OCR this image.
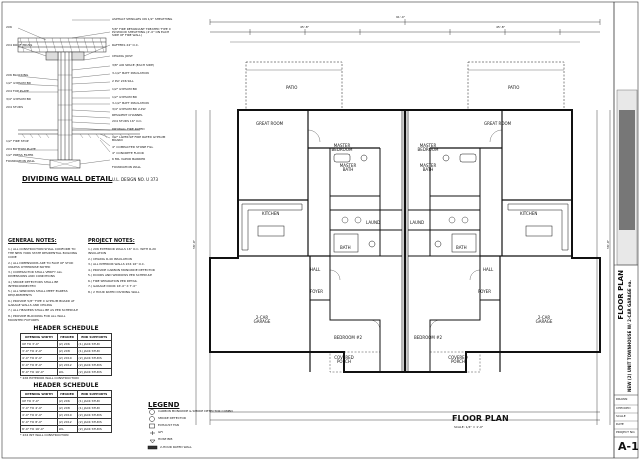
2X6
2X4 ROOF TRUSS
2X6 BLOCKING
1/2" GYPSUM BD
2X4 TOP PLATE
3/4" GYPSUM BD
2X4 STUDS
1/2" FIRE STOP
2X4 BOTTOM PLATE
1/2" PRESS FILTER
FOUNDATION WALL
ASPHALT SHINGLES ON 1/2" SHEATHING
5/8" FIRE RETARDANT TREATED TYPE X PLYWOOD SHEATHING (4'-0" ON EACH SIDE OF FIRE WALL)
RAFTERS 24" O.C.
CEILING JOIST
3/8" AIR SPACE (EACH SIDE)
3-1/2" BATT INSULATION
2 PLY 2X6 SILL
1/2" GYPSUM BD
1/2" GYPSUM BD
3-1/2" BATT INSULATION
3/4" GYPSUM BD 2-PLY
RESILIENT CHANNEL
2X4 STUDS 16" O.C.
DRYWALL FIRE RATED
1/2" LAYER OF FIRE RATED GYPSUM BOARD
4" COMPACTED STONE FILL
4" CONCRETE FLOOR
6 MIL VAPOR BARRIER
FOUNDATION WALL
DIVIDING WALL DETAIL U.L. DESIGN NO. U 373
GENERAL NOTES:

1.) ALL CONSTRUCTION SHALL CONFORM TO THE NEW YORK STATE RESIDENTIAL BUILDING CODE

2.) ALL DIMENSIONS ARE TO FACE OF STUD UNLESS OTHERWISE NOTED

3.) CONTRACTOR SHALL VERIFY ALL DIMENSIONS AND CONDITIONS

4.) SMOKE DETECTORS SHALL BE INTERCONNECTED

5.) ALL WINDOWS SHALL MEET EGRESS REQUIREMENTS

6.) PROVIDE 5/8" TYPE X GYPSUM BOARD AT GARAGE WALLS AND CEILING

7.) ALL HEADERS SHALL BE AS PER SCHEDULE

8.) PROVIDE BLOCKING FOR ALL WALL MOUNTED FIXTURES

PROJECT NOTES:

1.) 2X6 EXTERIOR WALLS 16" O.C. WITH R-20 INSULATION

2.) CEILING R-49 INSULATION

3.) ALL INTERIOR WALLS 2X4 16" O.C.

4.) PROVIDE CARBON MONOXIDE DETECTOR

5.) DOORS AND WINDOWS PER SCHEDULE

6.) FIRE SEPARATION PER DETAIL

7.) GARAGE DOOR 16'-0" X 7'-0"

8.) 2 HOUR RATED DIVIDING WALL

HEADER SCHEDULE
OPENING WIDTH	HEADER	END SUPPORTS
UP TO 3'-0"	(2) 2X6	(1) JACK STUD
3'-0" TO 4'-0"	(2) 2X8	(1) JACK STUD
4'-0" TO 6'-0"	(2) 2X10	(2) JACK STUDS
6'-0" TO 8'-0"	(2) 2X12	(2) JACK STUDS
8'-0" TO 16'-0"	LVL	(2) JACK STUDS
* 2X6 EXTERIOR WALL CONSTRUCTION
HEADER SCHEDULE
OPENING WIDTH	HEADER	END SUPPORTS
UP TO 3'-0"	(2) 2X6	(1) JACK STUD
3'-0" TO 4'-0"	(2) 2X8	(1) JACK STUD
4'-0" TO 6'-0"	(2) 2X10	(2) JACK STUDS
6'-0" TO 8'-0"	(2) 2X12	(2) JACK STUDS
8'-0" TO 16'-0"	LVL	(2) JACK STUDS
* 2X4 INT WALL CONSTRUCTION
LEGEND
CARBON MONOXIDE & SMOKE DETECTOR COMBO
SMOKE DETECTOR
EXHAUST FAN
GFI
HOSE BIB
2-HOUR RATED WALL
PATIO	PATIO
GREAT ROOM	GREAT ROOM
MASTER BEDROOM
MASTER BEDROOM
MASTER BATH
MASTER BATH
KITCHEN	KITCHEN
LAUND	LAUND
BATH	BATH
HALL	HALL
FOYER	FOYER
2-CAR GARAGE
2-CAR GARAGE
BEDROOM #2	BEDROOM #2
COVERED PORCH
COVERED PORCH
91'-4"
45'-8"	45'-8"
58'-0"	58'-0"
FLOOR PLAN
SCALE: 1/4" = 1'-0"
FLOOR PLAN NEW (2) UNIT TOWNHOUSE W/ 2-CAR GARAGE ea.
DRAWN
CHECKED
SCALE
DATE
PROJECT NO.
A-1
